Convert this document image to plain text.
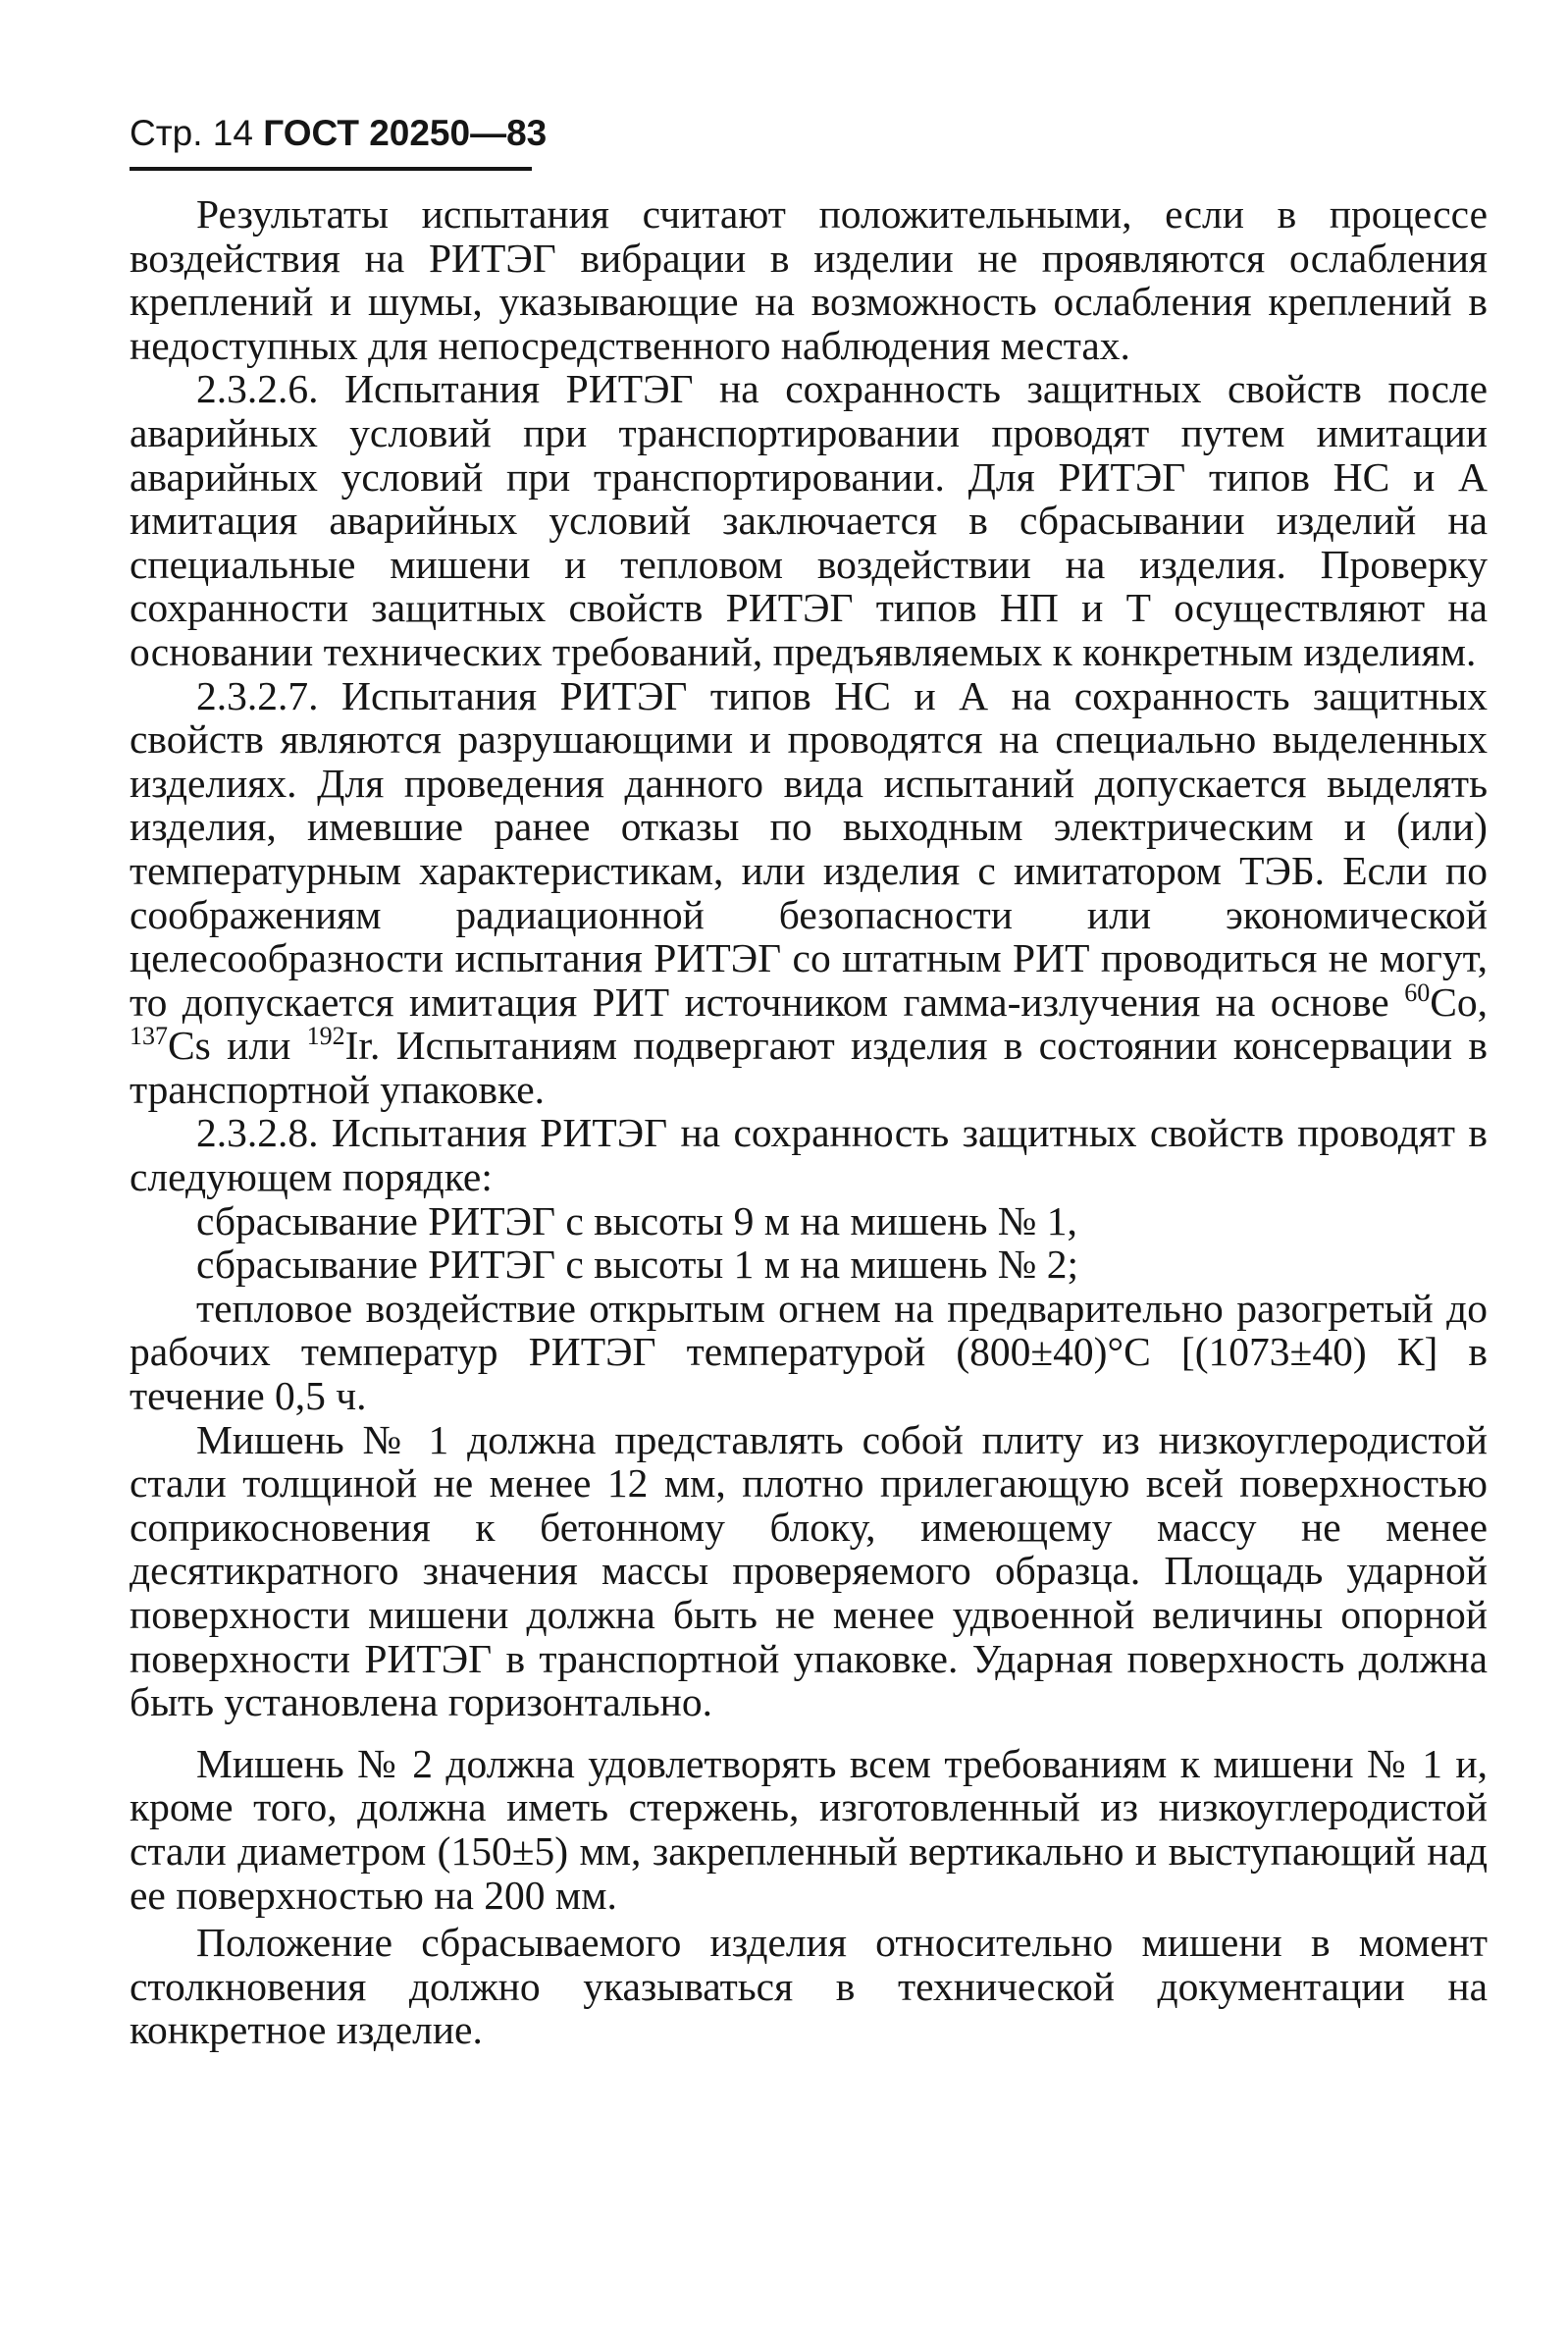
Стр. 14 ГОСТ 20250—83

Результаты испытания считают положительными, если в процессе воздействия на РИТЭГ вибрации в изделии не проявляются ослабления креплений и шумы, указывающие на возможность ослабления креплений в недоступных для непосредственного наблюдения местах.

2.3.2.6. Испытания РИТЭГ на сохранность защитных свойств после аварийных условий при транспортировании проводят путем имитации аварийных условий при транспортировании. Для РИТЭГ типов НС и А имитация аварийных условий заключается в сбрасывании изделий на специальные мишени и тепловом воздействии на изделия. Проверку сохранности защитных свойств РИТЭГ типов НП и Т осуществляют на основании технических требований, предъявляемых к конкретным изделиям.

2.3.2.7. Испытания РИТЭГ типов НС и А на сохранность защитных свойств являются разрушающими и проводятся на специально выделенных изделиях. Для проведения данного вида испытаний допускается выделять изделия, имевшие ранее отказы по выходным электрическим и (или) температурным характеристикам, или изделия с имитатором ТЭБ. Если по соображениям радиационной безопасности или экономической целесообразности испытания РИТЭГ со штатным РИТ проводиться не могут, то допускается имитация РИТ источником гамма-излучения на основе $^{60}$Co, $^{137}$Cs или $^{192}$Ir. Испытаниям подвергают изделия в состоянии консервации в транспортной упаковке.

2.3.2.8. Испытания РИТЭГ на сохранность защитных свойств проводят в следующем порядке:

сбрасывание РИТЭГ с высоты 9 м на мишень № 1,

сбрасывание РИТЭГ с высоты 1 м на мишень № 2;

тепловое воздействие открытым огнем на предварительно разогретый до рабочих температур РИТЭГ температурой (800±40)°С [(1073±40) К] в течение 0,5 ч.

Мишень № 1 должна представлять собой плиту из низкоуглеродистой стали толщиной не менее 12 мм, плотно прилегающую всей поверхностью соприкосновения к бетонному блоку, имеющему массу не менее десятикратного значения массы проверяемого образца. Площадь ударной поверхности мишени должна быть не менее удвоенной величины опорной поверхности РИТЭГ в транспортной упаковке. Ударная поверхность должна быть установлена горизонтально.

Мишень № 2 должна удовлетворять всем требованиям к мишени № 1 и, кроме того, должна иметь стержень, изготовленный из низкоуглеродистой стали диаметром (150±5) мм, закрепленный вертикально и выступающий над ее поверхностью на 200 мм.

Положение сбрасываемого изделия относительно мишени в момент столкновения должно указываться в технической документации на конкретное изделие.
